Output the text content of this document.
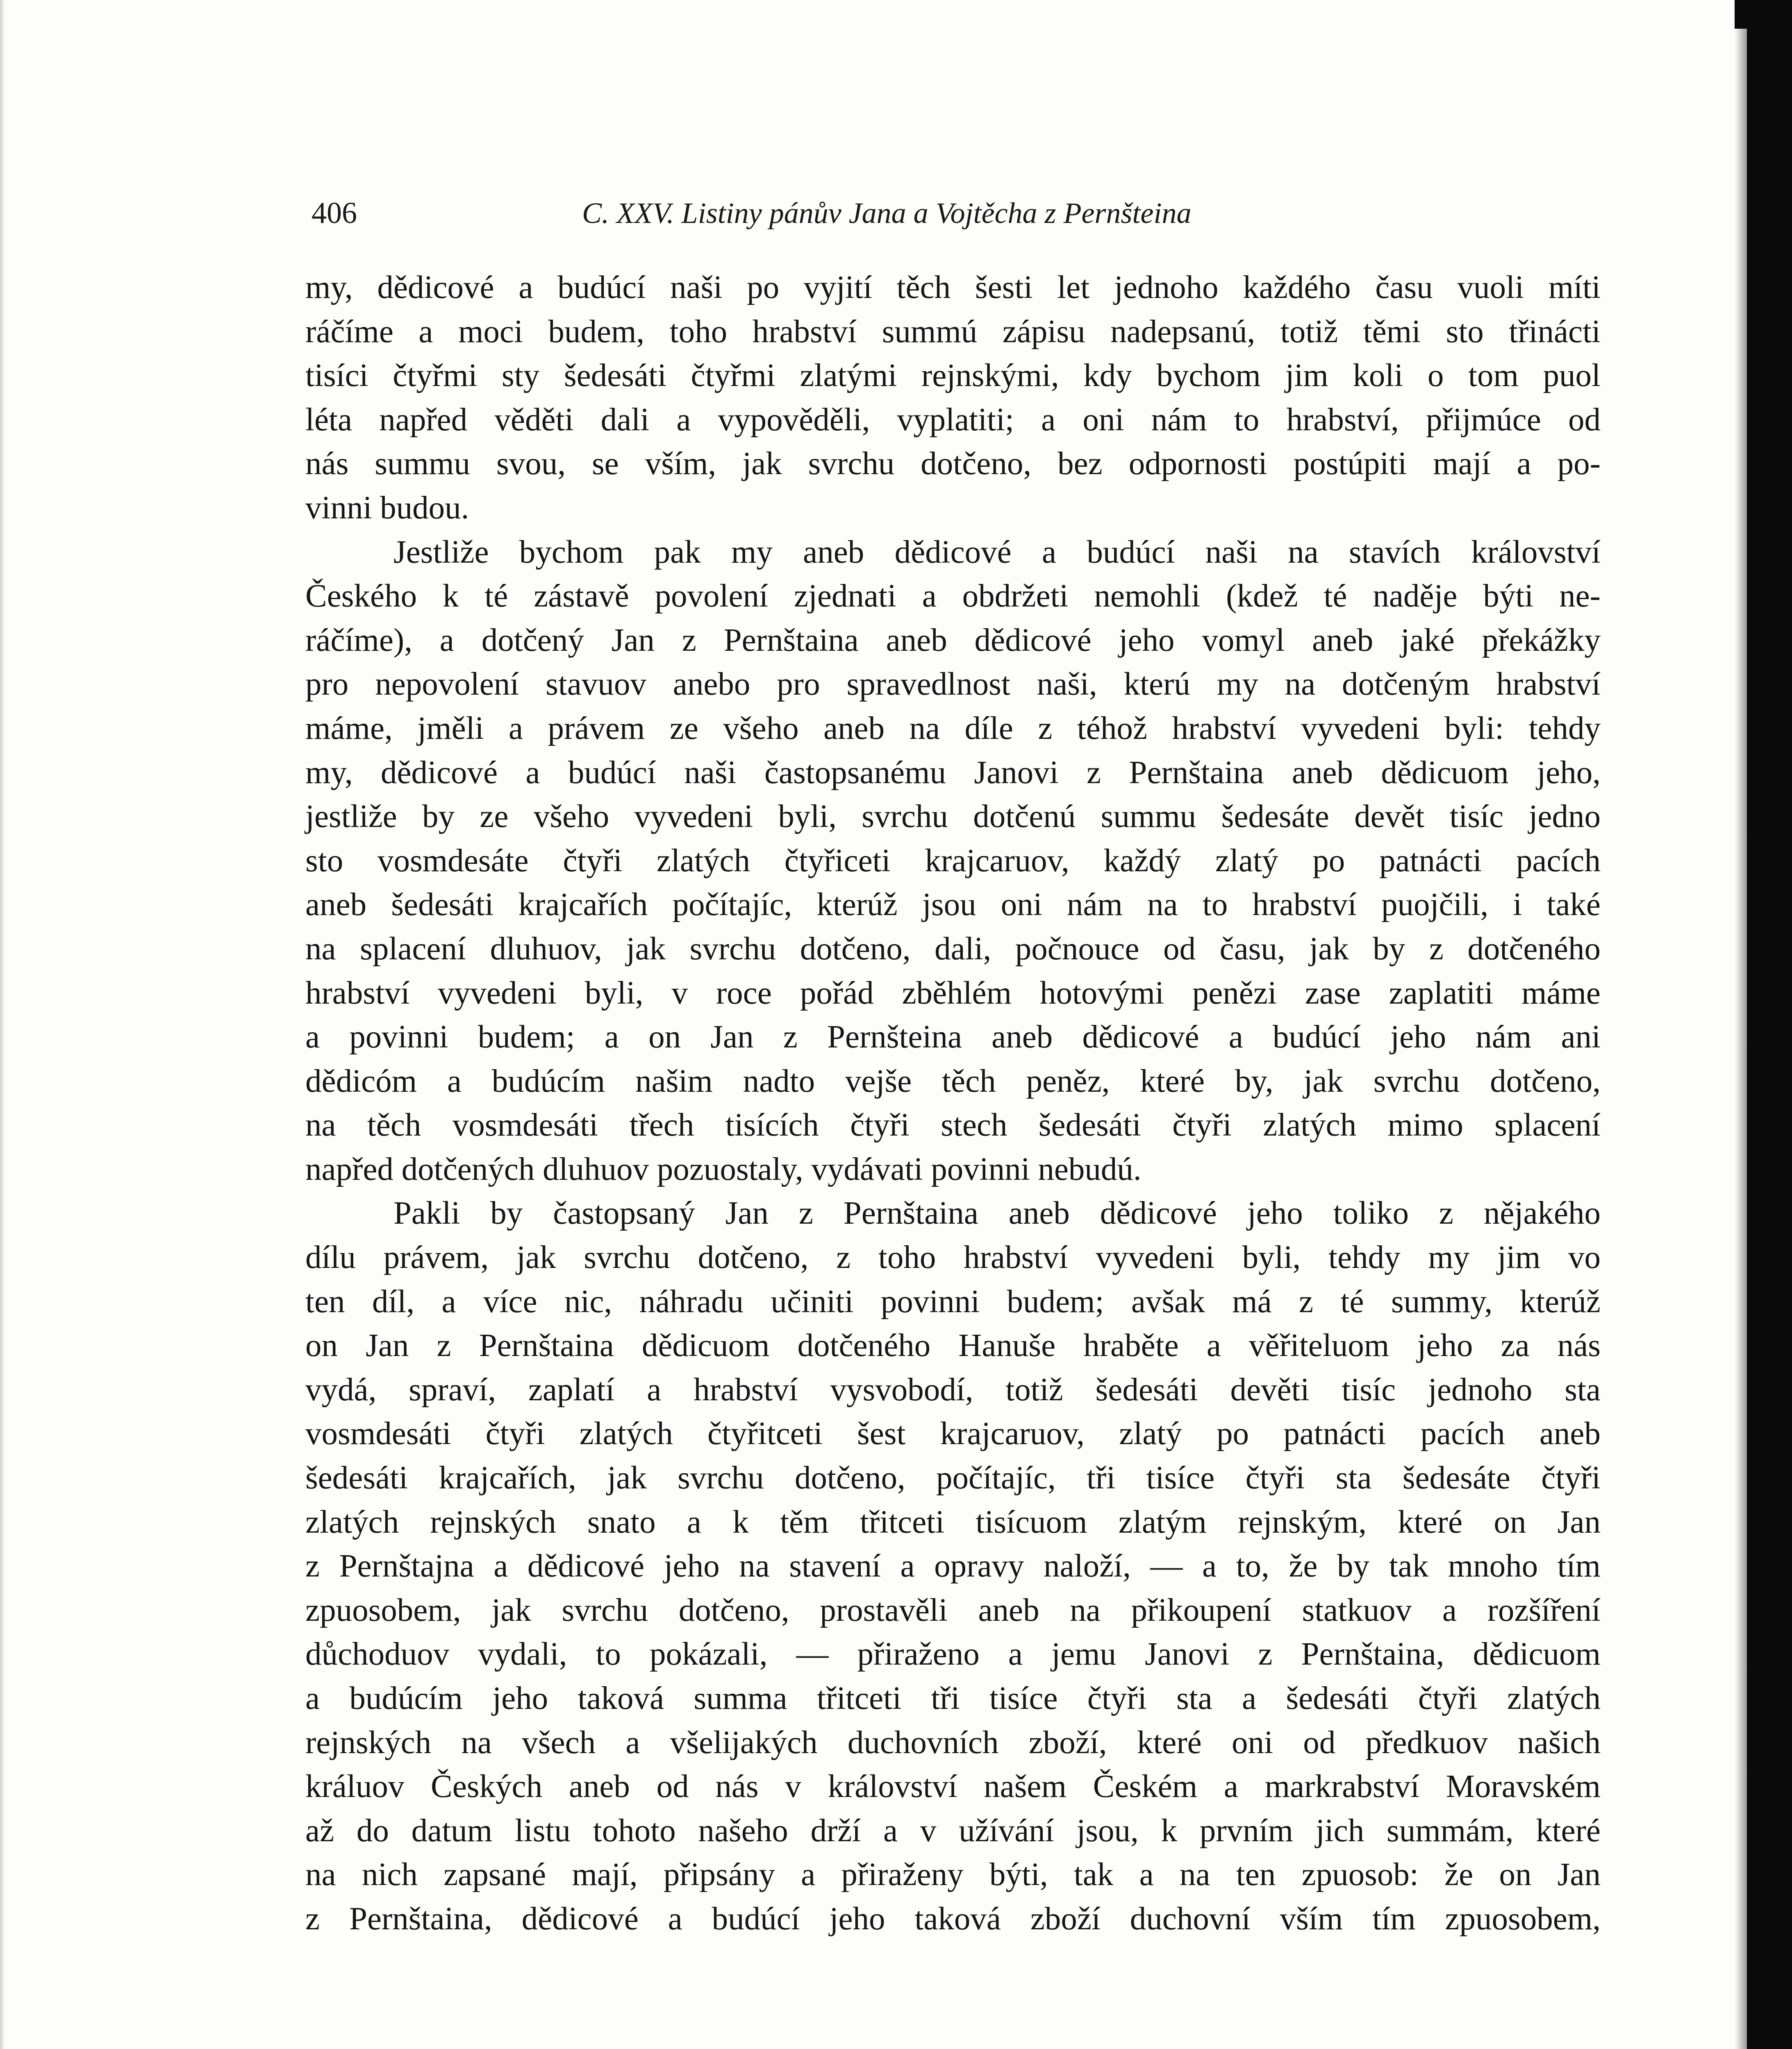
406	C. XXV. Listiny pánův Jana a Vojtěcha z Pernšteina
my, dědicové a budúcí naši po vyjití těch šesti let jednoho každého času vuoli míti
ráčíme a moci budem, toho hrabství summú zápisu nadepsanú, totiž těmi sto třinácti
tisíci čtyřmi sty šedesáti čtyřmi zlatými rejnskými, kdy bychom jim koli o tom puol
léta napřed věděti dali a vypověděli, vyplatiti; a oni nám to hrabství, přijmúce od
nás summu svou, se vším, jak svrchu dotčeno, bez odpornosti postúpiti mají a po-
vinni budou.
Jestliže bychom pak my aneb dědicové a budúcí naši na stavích království
Českého k té zástavě povolení zjednati a obdržeti nemohli (kdež té naděje býti ne-
ráčíme), a dotčený Jan z Pernštaina aneb dědicové jeho vomyl aneb jaké překážky
pro nepovolení stavuov anebo pro spravedlnost naši, kterú my na dotčeným hrabství
máme, jměli a právem ze všeho aneb na díle z téhož hrabství vyvedeni byli: tehdy
my, dědicové a budúcí naši častopsanému Janovi z Pernštaina aneb dědicuom jeho,
jestliže by ze všeho vyvedeni byli, svrchu dotčenú summu šedesáte devět tisíc jedno
sto vosmdesáte čtyři zlatých čtyřiceti krajcaruov, každý zlatý po patnácti pacích
aneb šedesáti krajcařích počítajíc, kterúž jsou oni nám na to hrabství puojčili, i také
na splacení dluhuov, jak svrchu dotčeno, dali, počnouce od času, jak by z dotčeného
hrabství vyvedeni byli, v roce pořád zběhlém hotovými penězi zase zaplatiti máme
a povinni budem; a on Jan z Pernšteina aneb dědicové a budúcí jeho nám ani
dědicóm a budúcím našim nadto vejše těch peněz, které by, jak svrchu dotčeno,
na těch vosmdesáti třech tisících čtyři stech šedesáti čtyři zlatých mimo splacení
napřed dotčených dluhuov pozuostaly, vydávati povinni nebudú.
Pakli by častopsaný Jan z Pernštaina aneb dědicové jeho toliko z nějakého
dílu právem, jak svrchu dotčeno, z toho hrabství vyvedeni byli, tehdy my jim vo
ten díl, a více nic, náhradu učiniti povinni budem; avšak má z té summy, kterúž
on Jan z Pernštaina dědicuom dotčeného Hanuše hraběte a věřiteluom jeho za nás
vydá, spraví, zaplatí a hrabství vysvobodí, totiž šedesáti devěti tisíc jednoho sta
vosmdesáti čtyři zlatých čtyřitceti šest krajcaruov, zlatý po patnácti pacích aneb
šedesáti krajcařích, jak svrchu dotčeno, počítajíc, tři tisíce čtyři sta šedesáte čtyři
zlatých rejnských snato a k těm třitceti tisícuom zlatým rejnským, které on Jan
z Pernštajna a dědicové jeho na stavení a opravy naloží, — a to, že by tak mnoho tím
zpuosobem, jak svrchu dotčeno, prostavěli aneb na přikoupení statkuov a rozšíření
důchoduov vydali, to pokázali, — přiraženo a jemu Janovi z Pernštaina, dědicuom
a budúcím jeho taková summa třitceti tři tisíce čtyři sta a šedesáti čtyři zlatých
rejnských na všech a všelijakých duchovních zboží, které oni od předkuov našich
králuov Českých aneb od nás v království našem Českém a markrabství Moravském
až do datum listu tohoto našeho drží a v užívání jsou, k prvním jich summám, které
na nich zapsané mají, připsány a přiraženy býti, tak a na ten zpuosob: že on Jan
z Pernštaina, dědicové a budúcí jeho taková zboží duchovní vším tím zpuosobem,
